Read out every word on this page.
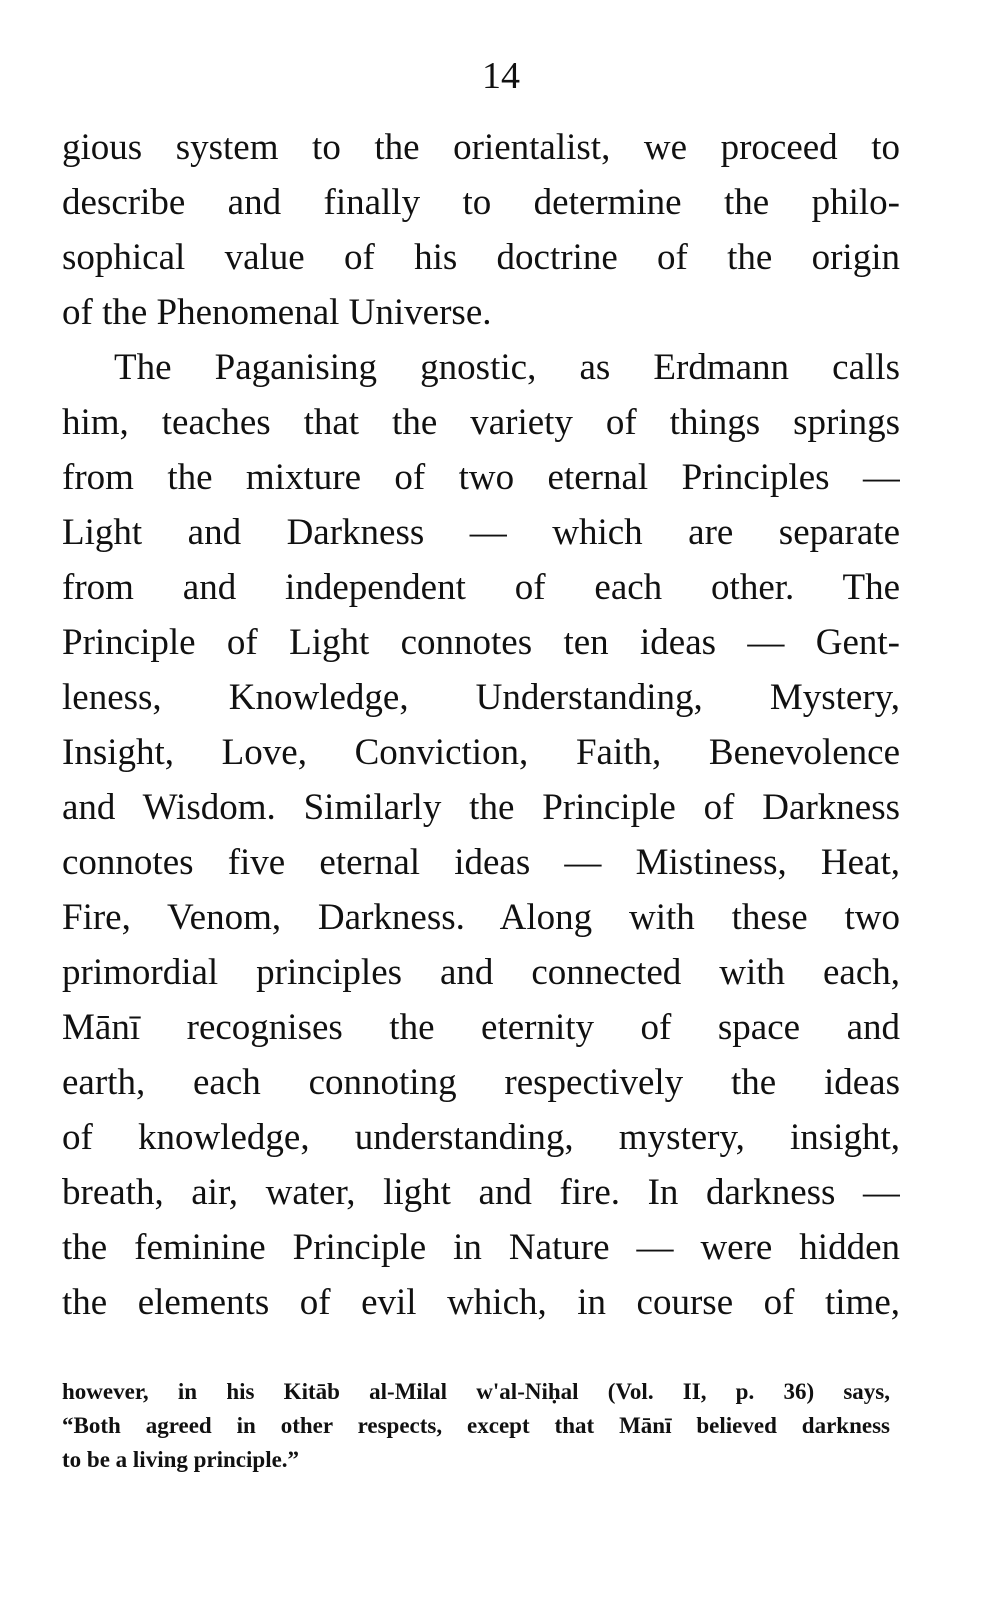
14
gious system to the orientalist, we proceed to
describe and finally to determine the philo-
sophical value of his doctrine of the origin
of the Phenomenal Universe.
The Paganising gnostic, as Erdmann calls
him, teaches that the variety of things springs
from the mixture of two eternal Principles —
Light and Darkness — which are separate
from and independent of each other. The
Principle of Light connotes ten ideas — Gent-
leness, Knowledge, Understanding, Mystery,
Insight, Love, Conviction, Faith, Benevolence
and Wisdom. Similarly the Principle of Darkness
connotes five eternal ideas — Mistiness, Heat,
Fire, Venom, Darkness. Along with these two
primordial principles and connected with each,
Mānī recognises the eternity of space and
earth, each connoting respectively the ideas
of knowledge, understanding, mystery, insight,
breath, air, water, light and fire. In darkness —
the feminine Principle in Nature — were hidden
the elements of evil which, in course of time,
however, in his Kitāb al-Milal w'al-Niḥal (Vol. II, p. 36) says,
“Both agreed in other respects, except that Mānī believed darkness
to be a living principle.”
